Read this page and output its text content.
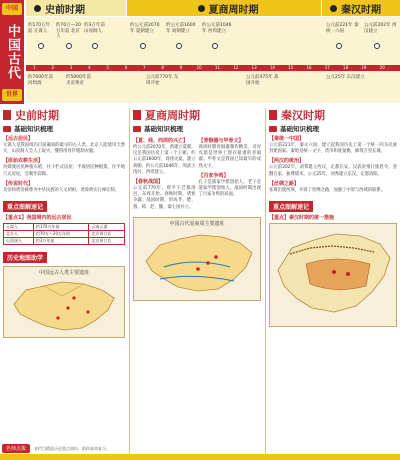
中国
中国古代
世界
史前时期	夏商周时期	秦汉时期
约170万年前 元谋人
约70万—20万年前 北京人
约3万年前 山顶洞人
约7000年前 河姆渡
约5000年前 炎帝黄帝
约公元前2070年 夏朝建立
约公元前1600年 商朝建立
约公元前1046年 西周建立
公元前770年 东周开始
公元前475年 战国开始
公元前221年 秦统一六国
公元前202年 西汉建立
公元25年 东汉建立
1	2	3	4	5	6	7	8	9	10	11	12	13	14	15	16	17	18	19	20
史前时期
基础知识梳理
【 远古居民 】
元谋人是我国境内目前确知的最早的古人类。北京人能使用天然火，山顶洞人会人工取火，懂得用骨针缝制衣服。
【 原始农耕生活 】
河姆渡居民种植水稻，住干栏式房屋；半坡居民种植粟，住半地穴式房屋，会制作彩陶。
【 传说时代 】
炎帝和黄帝被尊为中华民族的人文初祖。尧舜禹实行禅让制。
重点图解速记
【重点1】我国境内的远古居民
元谋人	约170万年前	云南元谋
北京人	约70万—20万年前	北京周口店
山顶洞人	约3万年前	北京周口店
历史地图助学
中国远古人类主要遗址
夏商周时期
基础知识梳理
【 夏、商、西周的兴亡 】
约公元前2070年，禹建立夏朝，这是我国历史上第一个王朝。约公元前1600年，商汤灭夏，建立商朝。约公元前1046年，周武王伐纣，西周建立。
【 春秋战国 】
公元前770年，周平王迁都洛邑，东周开始。春秋时期，诸侯争霸；战国时期，形成齐、楚、燕、韩、赵、魏、秦七国并立。
【 青铜器与甲骨文 】
商周时期青铜器制作精美，司母戊鼎是世界上现存最重的青铜器。甲骨文是我国已知最早的成熟文字。
【 百家争鸣 】
孔子是儒家学派创始人，老子是道家学派创始人。战国时期出现了百家争鸣的局面。
中国古代夏商周主要遗址
秦汉时期
基础知识梳理
【 秦统一中国 】
公元前221年，秦灭六国，建立起我国历史上第一个统一的多民族封建国家。秦始皇统一文字、货币和度量衡，修筑万里长城。
【 两汉的统治 】
公元前202年，刘邦建立西汉，定都长安。汉武帝推行推恩令，罢黜百家，独尊儒术。公元25年，刘秀建立东汉，定都洛阳。
【 丝绸之路 】
张骞出使西域，开辟了丝绸之路，加强了中原与西域的联系。
重点图解速记
【重点】秦汉时期的统一措施
名师点拨	本栏目精选历史重点知识，助你高效复习。
